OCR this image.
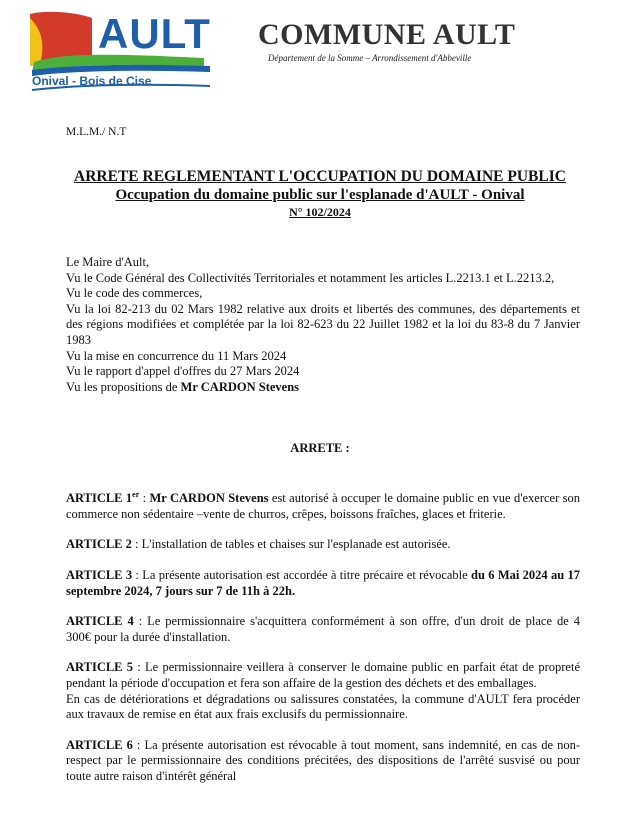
AULT
Onival - Bois de Cise
COMMUNE AULT
Département de la Somme – Arrondissement d'Abbeville
M.L.M./ N.T
ARRETE REGLEMENTANT L'OCCUPATION DU DOMAINE PUBLIC
Occupation du domaine public sur l'esplanade d'AULT - Onival
N° 102/2024

Le Maire d'Ault,

Vu le Code Général des Collectivités Territoriales et notamment les articles L.2213.1 et L.2213.2,

Vu le code des commerces,

Vu la loi 82-213 du 02 Mars 1982 relative aux droits et libertés des communes, des départements et des régions modifiées et complétée par la loi 82-623 du 22 Juillet 1982 et la loi du 83-8 du 7 Janvier 1983

Vu la mise en concurrence du 11 Mars 2024

Vu le rapport d'appel d'offres du 27 Mars 2024

Vu les propositions de Mr CARDON Stevens

ARRETE :

ARTICLE 1er : Mr CARDON Stevens est autorisé à occuper le domaine public en vue d'exercer son commerce non sédentaire –vente de churros, crêpes, boissons fraîches, glaces et friterie.

ARTICLE 2 : L'installation de tables et chaises sur l'esplanade est autorisée.

ARTICLE 3 : La présente autorisation est accordée à titre précaire et révocable du 6 Mai 2024 au 17 septembre 2024, 7 jours sur 7 de 11h à 22h.

ARTICLE 4 : Le permissionnaire s'acquittera conformément à son offre, d'un droit de place de 4 300€ pour la durée d'installation.

ARTICLE 5 : Le permissionnaire veillera à conserver le domaine public en parfait état de propreté pendant la période d'occupation et fera son affaire de la gestion des déchets et des emballages.

En cas de détériorations et dégradations ou salissures constatées, la commune d'AULT fera procéder aux travaux de remise en état aux frais exclusifs du permissionnaire.

ARTICLE 6 : La présente autorisation est révocable à tout moment, sans indemnité, en cas de non-respect par le permissionnaire des conditions précitées, des dispositions de l'arrêté susvisé ou pour toute autre raison d'intérêt général
